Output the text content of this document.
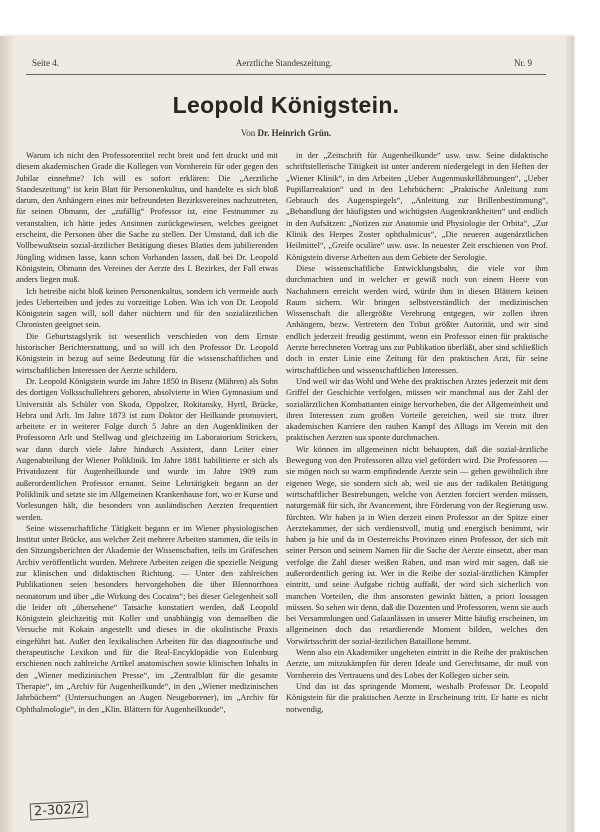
Seite 4.	Aerztliche Standeszeitung.	Nr. 9
Leopold Königstein.
Von Dr. Heinrich Grün.

Warum ich nicht den Professorentitel recht breit und fett druckt und mit diesem akademischen Grade die Kollegen von Vornherein für oder gegen den Jubilar einnehme? Ich will es sofort erklären: Die „Aerztliche Standeszeitung“ ist kein Blatt für Personenkultus, und handelte es sich bloß darum, den Anhängern eines mir befreundeten Bezirksvereines nachzutreten, für seinen Obmann, der „zufällig“ Professor ist, eine Festnummer zu veranstalten, ich hätte jedes Ansinnen zurückgewiesen, welches geeignet erscheint, die Personen über die Sache zu stellen. Der Umstand, daß ich die Vollbewußtsein sozial-ärztlicher Betätigung dieses Blattes dem jubilierenden Jüngling widmen lasse, kann schon Vorhanden lassen, daß bei Dr. Leopold Königstein, Obmann des Vereines der Aerzte des I. Bezirkes, der Fall etwas anders liegen muß.

Ich betreibe nicht bloß keinen Personenkultus, sondern ich vermeide auch jedes Ueberteiben und jedes zu vorzeitige Loben. Was ich von Dr. Leopold Königstein sagen will, soll daher nüchtern und für den sozialärztlichen Chronisten geeignet sein.

Die Geburtstagslyrik ist wesentlich verschieden von dem Ernste historischer Berichterstattung, und so will ich den Professor Dr. Leopold Königstein in bezug auf seine Bedeutung für die wissenschaftlichen und wirtschaftlichen Interessen der Aerzte schildern.

Dr. Leopold Königstein wurde im Jahre 1850 in Bisenz (Mähren) als Sohn des dortigen Volksschullehrers geboren, absolvierte in Wien Gymnasium und Universität als Schüler von Skoda, Oppolzer, Rokitansky, Hyrtl, Brücke, Hebra und Arlt. Im Jahre 1873 ist zum Doktor der Heilkunde promoviert, arbeitete er in weiterer Folge durch 5 Jahre an den Augenkliniken der Professoren Arlt und Stellwag und gleichzeitig im Laboratorium Strickers, war dann durch viele Jahre hindurch Assistent, dann Leiter einer Augenabteilung der Wiener Poliklinik. Im Jahre 1881 habilitierte er sich als Privatdozent für Augenheilkunde und wurde im Jahre 1909 zum außerordentlichen Professor ernannt. Seine Lehrtätigkeit begann an der Poliklinik und setzte sie im Allgemeinen Krankenhause fort, wo er Kurse und Vorlesungen hält, die besonders von ausländischen Aerzten frequentiert werden.

Seine wissenschaftliche Tätigkeit begann er im Wiener physiologischen Institut unter Brücke, aus welcher Zeit mehrere Arbeiten stammen, die teils in den Sitzungsberichten der Akademie der Wissenschaften, teils im Gräfeschen Archiv veröffentlicht wurden. Mehrere Arbeiten zeigen die spezielle Neigung zur klinischen und didaktischen Richtung. — Unter den zahlreichen Publikationen seien besonders hervorgehoben die über Blennorrhoea neonatorum und über „die Wirkung des Cocains“; bei dieser Gelegenheit soll die leider oft „übersehene“ Tatsache konstatiert werden, daß Leopold Königstein gleichzeitig mit Koller und unabhängig von demselben die Versuche mit Kokain angestellt und dieses in die okulistische Praxis eingeführt hat. Außer den lexikalischen Arbeiten für das diagnostische und therapeutische Lexikon und für die Real-Encyklopädie von Eulenburg erschienen noch zahlreiche Artikel anatomischen sowie klinischen Inhalts in den „Wiener medizinischen Presse“, im „Zentralblatt für die gesamte Therapie“, im „Archiv für Augenheilkunde“, in den „Wiener medizinischen Jahrbüchern“ (Untersuchungen an Augen Neugeborener), im „Archiv für Ophthalmologie“, in den „Klin. Blättern für Augenheilkunde“,

in der „Zeitschrift für Augenheilkunde“ usw. usw. Seine didaktische schriftstellerische Tätigkeit ist unter anderem niedergelegt in den Heften der „Wiener Klinik“, in den Arbeiten „Ueber Augenmuskellähmungen“, „Ueber Pupillarreaktion“ und in den Lehrbüchern: „Praktische Anleitung zum Gebrauch des Augenspiegels“, „Anleitung zur Brillenbestimmung“, „Behandlung der häufigsten und wichtigsten Augenkrankheiten“ und endlich in den Aufsätzen: „Notizen zur Anatomie und Physiologie der Orbita“, „Zur Klinik des Herpes Zoster ophthalmicus“, „Die neueren augenärztlichen Heilmittel“, „Greife oculäre“ usw. usw. In neuester Zeit erschienen von Prof. Königstein diverse Arbeiten aus dem Gebiete der Serologie.

Diese wissenschaftliche Entwicklungsbahn, die viele vor ihm durchmachten und in welcher er gewiß noch von einem Heere von Nachahmern erreicht werden wird, würde ihm in diesen Blättern keinen Raum sichern. Wir bringen selbstverständlich der medizinischen Wissenschaft die allergrößte Verehrung entgegen, wir zollen ihren Anhängern, bezw. Vertretern den Tribut größter Autorität, und wir sind endlich jederzeit freudig gestimmt, wenn ein Professor einen für praktische Aerzte berechneten Vortrag uns zur Publikation überläßt, aber sind schließlich doch in erster Linie eine Zeitung für den praktischen Arzt, für seine wirtschaftlichen und wissenschaftlichen Interessen.

Und weil wir das Wohl und Wehe des praktischen Arztes jederzeit mit dem Griffel der Geschichte verfolgen, müssen wir manchmal aus der Zahl der sozialärztlichen Kombattanten einige hervorheben, die der Allgemeinheit und ihren Interessen zum großen Vorteile gereichen, weil sie trotz ihrer akademischen Karriere den rauhen Kampf des Alltags im Verein mit den praktischen Aerzten sua sponte durchmachen.

Wir können im allgemeinen nicht behaupten, daß die sozial-ärztliche Bewegung von den Professoren allzu viel gefördert wird. Die Professoren — sie mögen noch so warm empfindende Aerzte sein — gehen gewöhnlich ihre eigenen Wege, sie sondern sich ab, weil sie aus der radikalen Betätigung wirtschaftlicher Bestrebungen, welche von Aerzten forciert werden müssen, naturgemäß für sich, ihr Avancement, ihre Förderung von der Regierung usw. fürchten. Wir haben ja in Wien derzeit einen Professor an der Spitze einer Aerztekammer, der sich verdienstvoll, mutig und energisch benimmt, wir haben ja hie und da in Oesterreichs Provinzen einen Professor, der sich mit seiner Person und seinem Namen für die Sache der Aerzte einsetzt, aber man verfolge die Zahl dieser weißen Raben, und man wird mir sagen, daß sie außerordentlich gering ist. Wer in die Reihe der sozial-ärztlichen Kämpfer eintritt, und seine Aufgabe richtig auffaßt, der wird sich sicherlich von manchen Vorteilen, die ihm ansonsten gewinkt hätten, a priori lossagen müssen. So sehen wir denn, daß die Dozenten und Professoren, wenn sie auch bei Versammlungen und Galaanlässen in unserer Mitte häufig erscheinen, im allgemeinen doch das retardierende Moment bilden, welches den Vorwärtsschritt der sozial-ärztlichen Bataillone hemmt.

Wenn also ein Akademiker ungeheten eintritt in die Reihe der praktischen Aerzte, um mitzukämpfen für deren Ideale und Gerechtsame, dir muß von Vornherein des Vertrauens und des Lobes der Kollegen sicher sein.

Und das ist das springende Moment, weshalb Professor Dr. Leopold Königstein für die praktischen Aerzte in Erscheinung tritt. Er hatte es nicht notwendig,

2-302/2
